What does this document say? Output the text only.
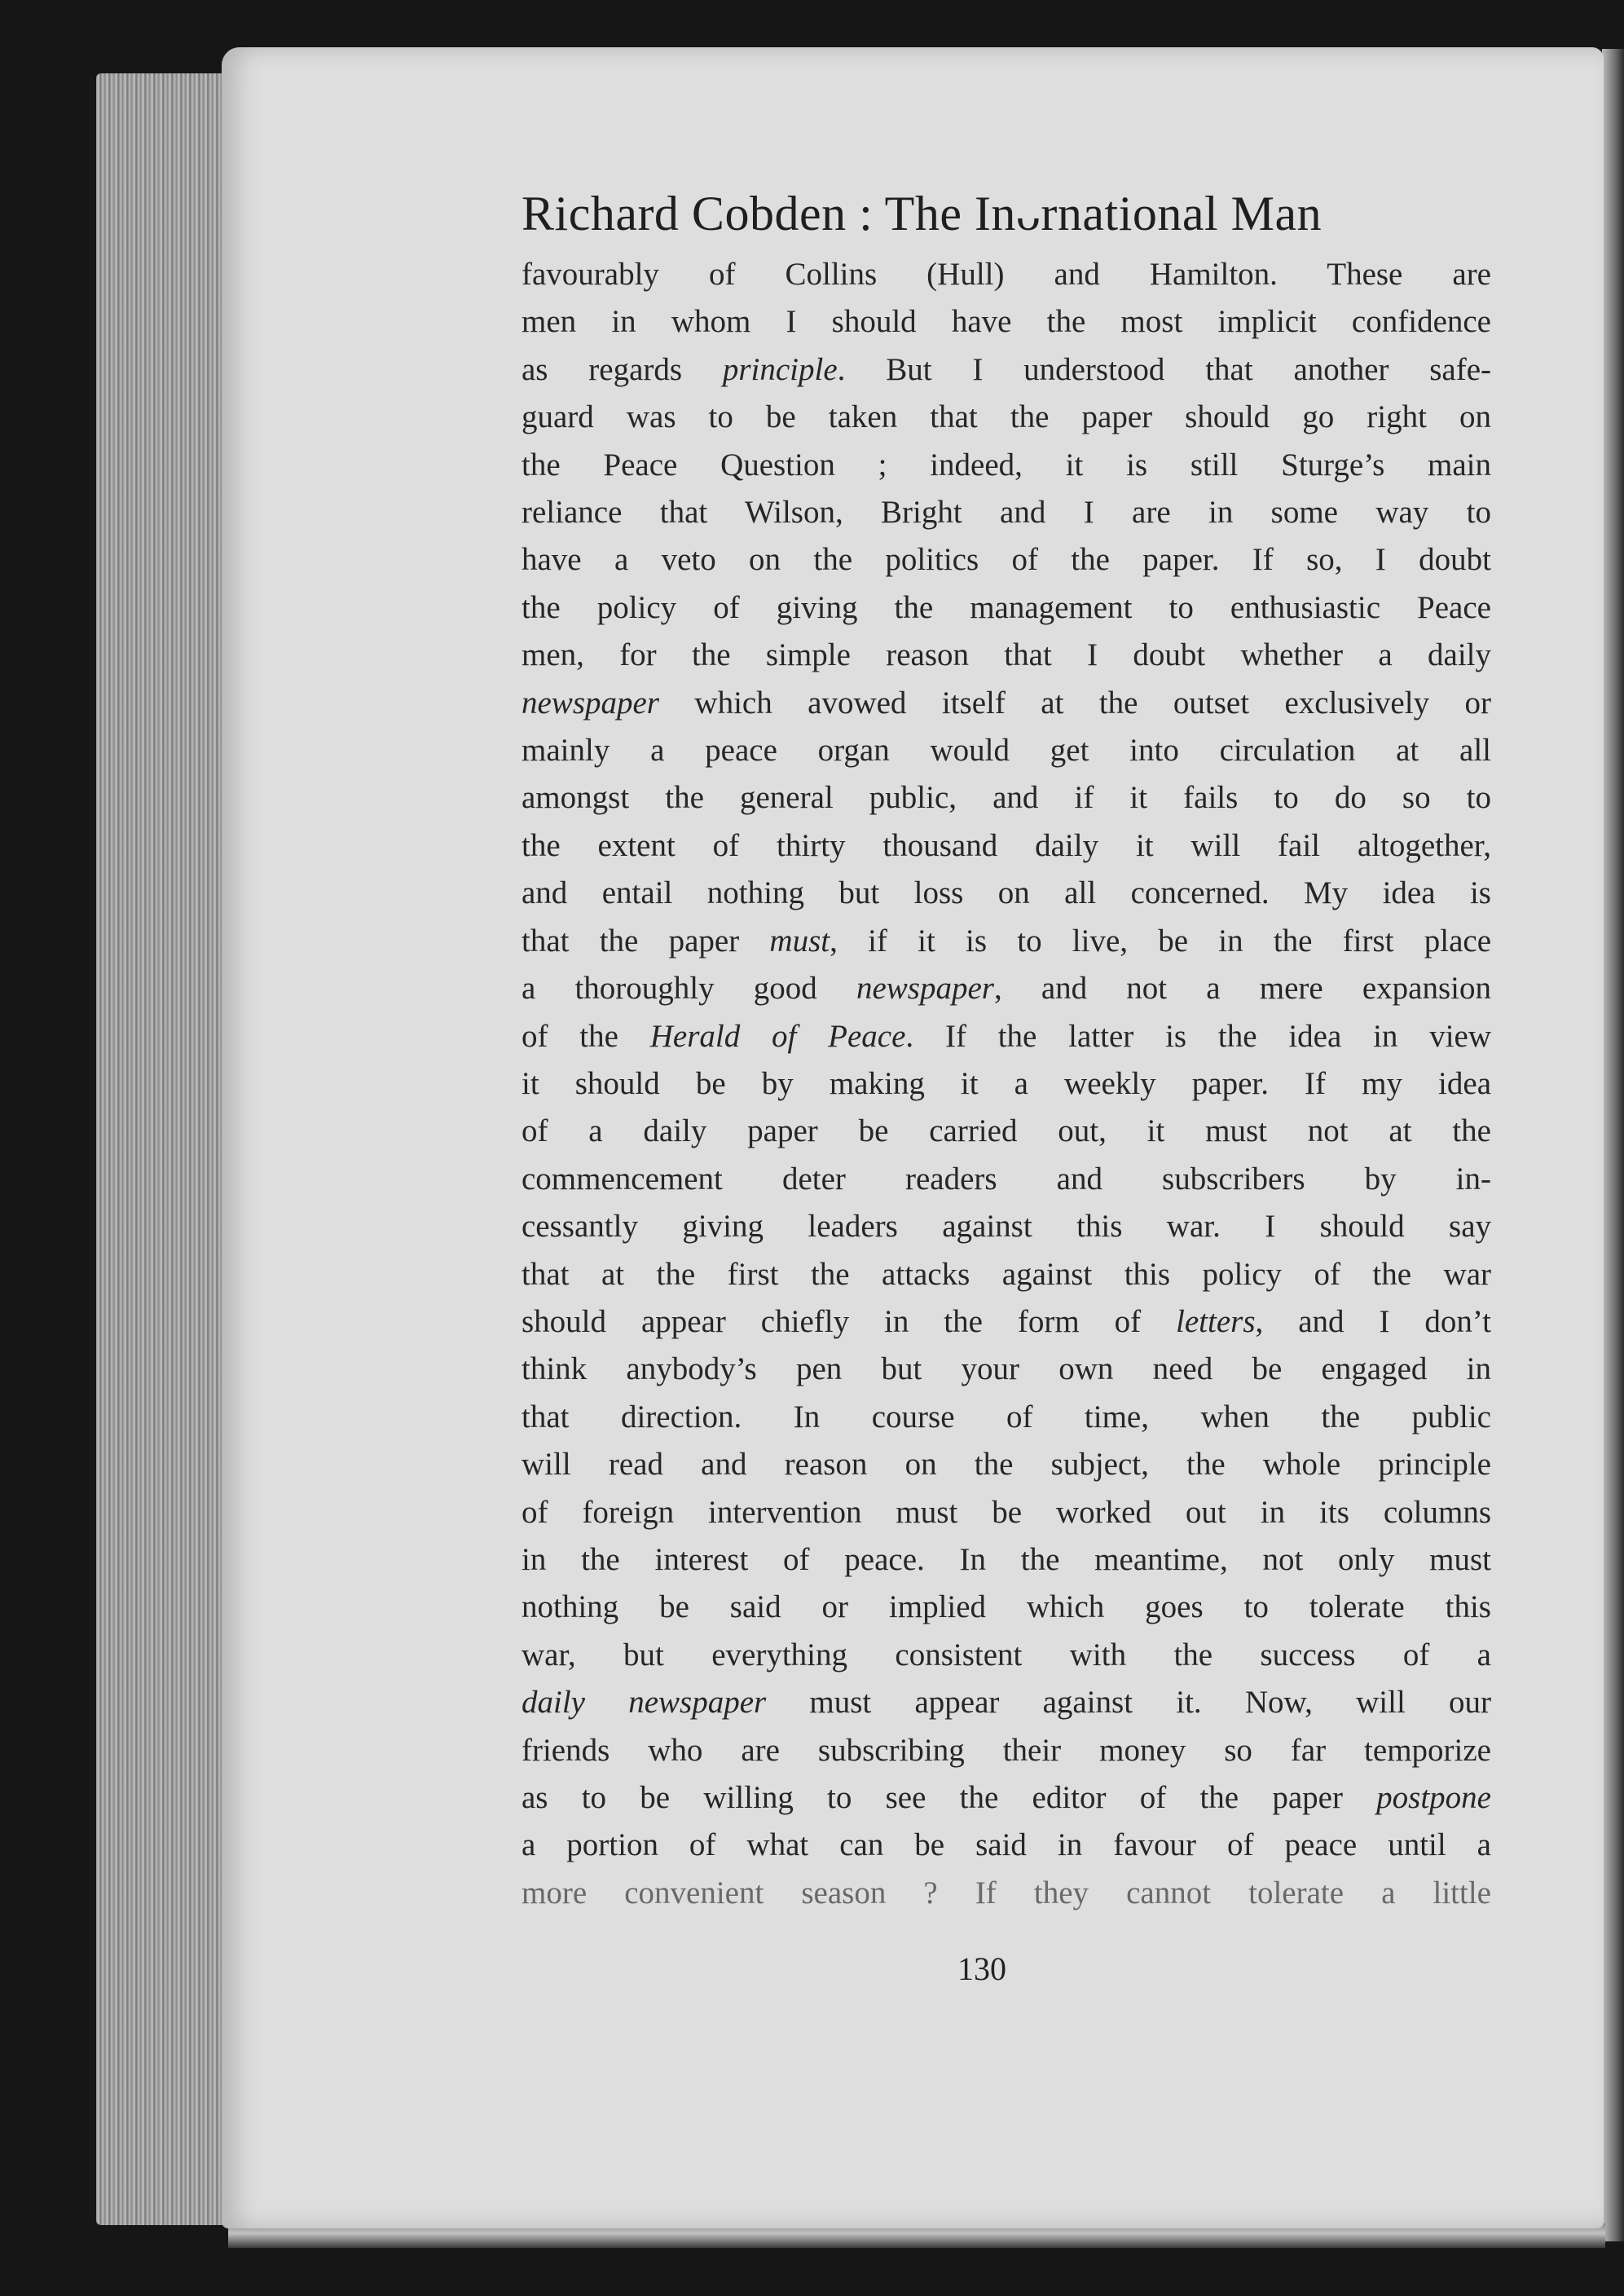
Richard Cobden : The Inᴗrnational Man
favourably of Collins (Hull) and Hamilton. These are
men in whom I should have the most implicit confidence
as regards principle. But I understood that another safe-
guard was to be taken that the paper should go right on
the Peace Question ; indeed, it is still Sturge’s main
reliance that Wilson, Bright and I are in some way to
have a veto on the politics of the paper. If so, I doubt
the policy of giving the management to enthusiastic Peace
men, for the simple reason that I doubt whether a daily
newspaper which avowed itself at the outset exclusively or
mainly a peace organ would get into circulation at all
amongst the general public, and if it fails to do so to
the extent of thirty thousand daily it will fail altogether,
and entail nothing but loss on all concerned. My idea is
that the paper must, if it is to live, be in the first place
a thoroughly good newspaper, and not a mere expansion
of the Herald of Peace. If the latter is the idea in view
it should be by making it a weekly paper. If my idea
of a daily paper be carried out, it must not at the
commencement deter readers and subscribers by in-
cessantly giving leaders against this war. I should say
that at the first the attacks against this policy of the war
should appear chiefly in the form of letters, and I don’t
think anybody’s pen but your own need be engaged in
that direction. In course of time, when the public
will read and reason on the subject, the whole principle
of foreign intervention must be worked out in its columns
in the interest of peace. In the meantime, not only must
nothing be said or implied which goes to tolerate this
war, but everything consistent with the success of a
daily newspaper must appear against it. Now, will our
friends who are subscribing their money so far temporize
as to be willing to see the editor of the paper postpone
a portion of what can be said in favour of peace until a
more convenient season ? If they cannot tolerate a little
130
